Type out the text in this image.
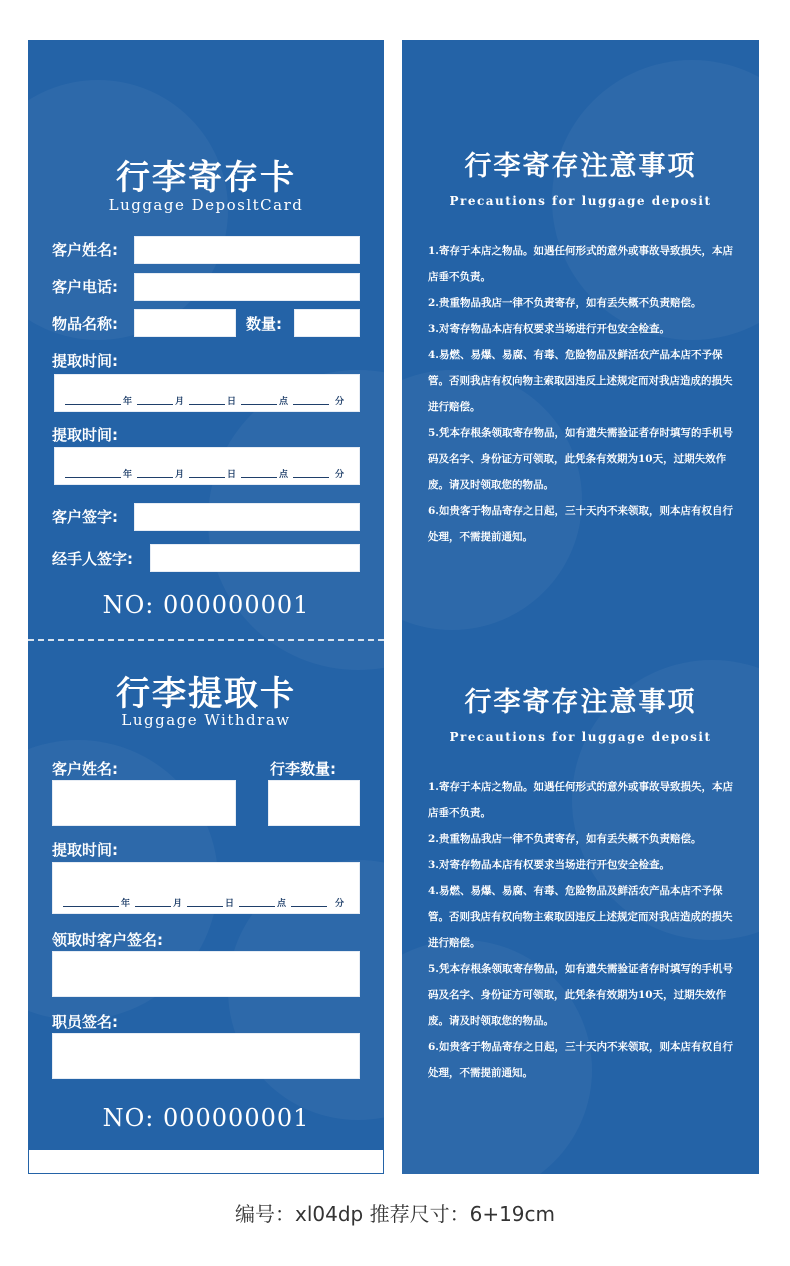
行李寄存卡
Luggage DeposltCard
客户姓名:
客户电话:
物品名称:	数量:
提取时间:
年	月	日	点	分
提取时间:
年	月	日	点	分
客户签字:
经手人签字:
NO: 000000001
行李提取卡
Luggage Withdraw
客户姓名:	行李数量:
提取时间:
年	月	日	点	分
领取时客户签名:
职员签名:
NO: 000000001
行李寄存注意事项
Precautions for luggage deposit

1.寄存于本店之物品。如遇任何形式的意外或事故导致损失，本店店垂不负责。

2.贵重物品我店一律不负责寄存，如有丢失概不负责赔偿。

3.对寄存物品本店有权要求当场进行开包安全检查。

4.易燃、易爆、易腐、有毒、危险物品及鲜活农产品本店不予保管。否则我店有权向物主索取因违反上述规定而对我店造成的损失进行赔偿。

5.凭本存根条领取寄存物品，如有遗失需验证者存时填写的手机号码及名字、身份证方可领取，此凭条有效期为10天，过期失效作废。请及时领取您的物品。

6.如贵客于物品寄存之日起，三十天内不来领取，则本店有权自行处理，不需提前通知。

行李寄存注意事项
Precautions for luggage deposit

1.寄存于本店之物品。如遇任何形式的意外或事故导致损失，本店店垂不负责。

2.贵重物品我店一律不负责寄存，如有丢失概不负责赔偿。

3.对寄存物品本店有权要求当场进行开包安全检查。

4.易燃、易爆、易腐、有毒、危险物品及鲜活农产品本店不予保管。否则我店有权向物主索取因违反上述规定而对我店造成的损失进行赔偿。

5.凭本存根条领取寄存物品，如有遗失需验证者存时填写的手机号码及名字、身份证方可领取，此凭条有效期为10天，过期失效作废。请及时领取您的物品。

6.如贵客于物品寄存之日起，三十天内不来领取，则本店有权自行处理，不需提前通知。

编号：xl04dp 推荐尺寸：6+19cm
